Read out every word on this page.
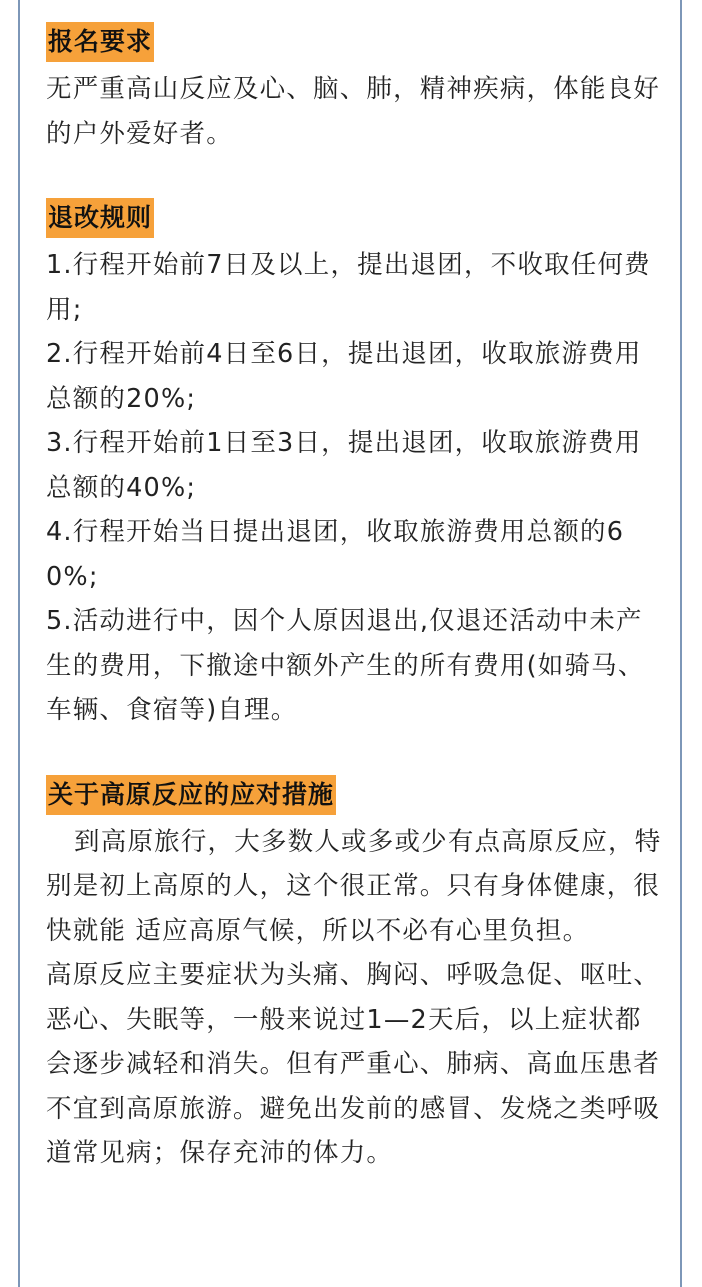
报名要求

无严重高山反应及心、脑、肺，精神疾病，体能良好的户外爱好者。

退改规则

1.行程开始前7日及以上，提出退团，不收取任何费用;

2.行程开始前4日至6日，提出退团，收取旅游费用总额的20%;

3.行程开始前1日至3日，提出退团，收取旅游费用总额的40%;

4.行程开始当日提出退团，收取旅游费用总额的60%;

5.活动进行中，因个人原因退出,仅退还活动中未产生的费用，下撤途中额外产生的所有费用(如骑马、车辆、食宿等)自理。

关于高原反应的应对措施

到高原旅行，大多数人或多或少有点高原反应，特别是初上高原的人，这个很正常。只有身体健康，很快就能 适应高原气候，所以不必有心里负担。

高原反应主要症状为头痛、胸闷、呼吸急促、呕吐、恶心、失眠等，一般来说过1—2天后，以上症状都会逐步减轻和消失。但有严重心、肺病、高血压患者不宜到高原旅游。避免出发前的感冒、发烧之类呼吸道常见病；保存充沛的体力。
